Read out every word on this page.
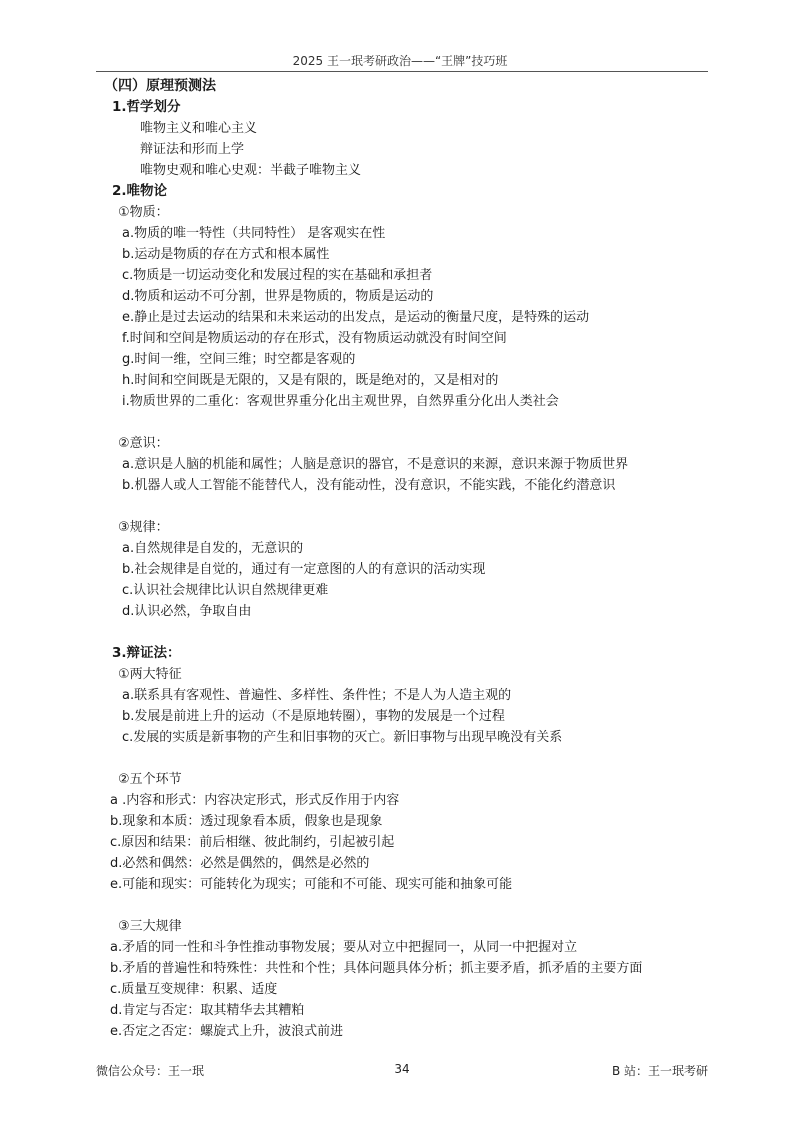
2025 王一珉考研政治——“王牌”技巧班
（四）原理预测法
1.哲学划分
唯物主义和唯心主义
辩证法和形而上学
唯物史观和唯心史观：半截子唯物主义
2.唯物论
①物质：
a.物质的唯一特性（共同特性） 是客观实在性
b.运动是物质的存在方式和根本属性
c.物质是一切运动变化和发展过程的实在基础和承担者
d.物质和运动不可分割，世界是物质的，物质是运动的
e.静止是过去运动的结果和未来运动的出发点，是运动的衡量尺度，是特殊的运动
f.时间和空间是物质运动的存在形式，没有物质运动就没有时间空间
g.时间一维，空间三维；时空都是客观的
h.时间和空间既是无限的，又是有限的，既是绝对的，又是相对的
i.物质世界的二重化：客观世界重分化出主观世界，自然界重分化出人类社会
②意识：
a.意识是人脑的机能和属性；人脑是意识的器官，不是意识的来源，意识来源于物质世界
b.机器人或人工智能不能替代人，没有能动性，没有意识，不能实践，不能化约潜意识
③规律：
a.自然规律是自发的，无意识的
b.社会规律是自觉的，通过有一定意图的人的有意识的活动实现
c.认识社会规律比认识自然规律更难
d.认识必然，争取自由
3.辩证法：
①两大特征
a.联系具有客观性、普遍性、多样性、条件性；不是人为人造主观的
b.发展是前进上升的运动（不是原地转圈），事物的发展是一个过程
c.发展的实质是新事物的产生和旧事物的灭亡。新旧事物与出现早晚没有关系
②五个环节
a .内容和形式：内容决定形式，形式反作用于内容
b.现象和本质：透过现象看本质，假象也是现象
c.原因和结果：前后相继、彼此制约，引起被引起
d.必然和偶然：必然是偶然的，偶然是必然的
e.可能和现实：可能转化为现实；可能和不可能、现实可能和抽象可能
③三大规律
a.矛盾的同一性和斗争性推动事物发展；要从对立中把握同一，从同一中把握对立
b.矛盾的普遍性和特殊性：共性和个性；具体问题具体分析；抓主要矛盾，抓矛盾的主要方面
c.质量互变规律：积累、适度
d.肯定与否定：取其精华去其糟粕
e.否定之否定：螺旋式上升，波浪式前进
微信公众号：王一珉	34	B 站：王一珉考研
